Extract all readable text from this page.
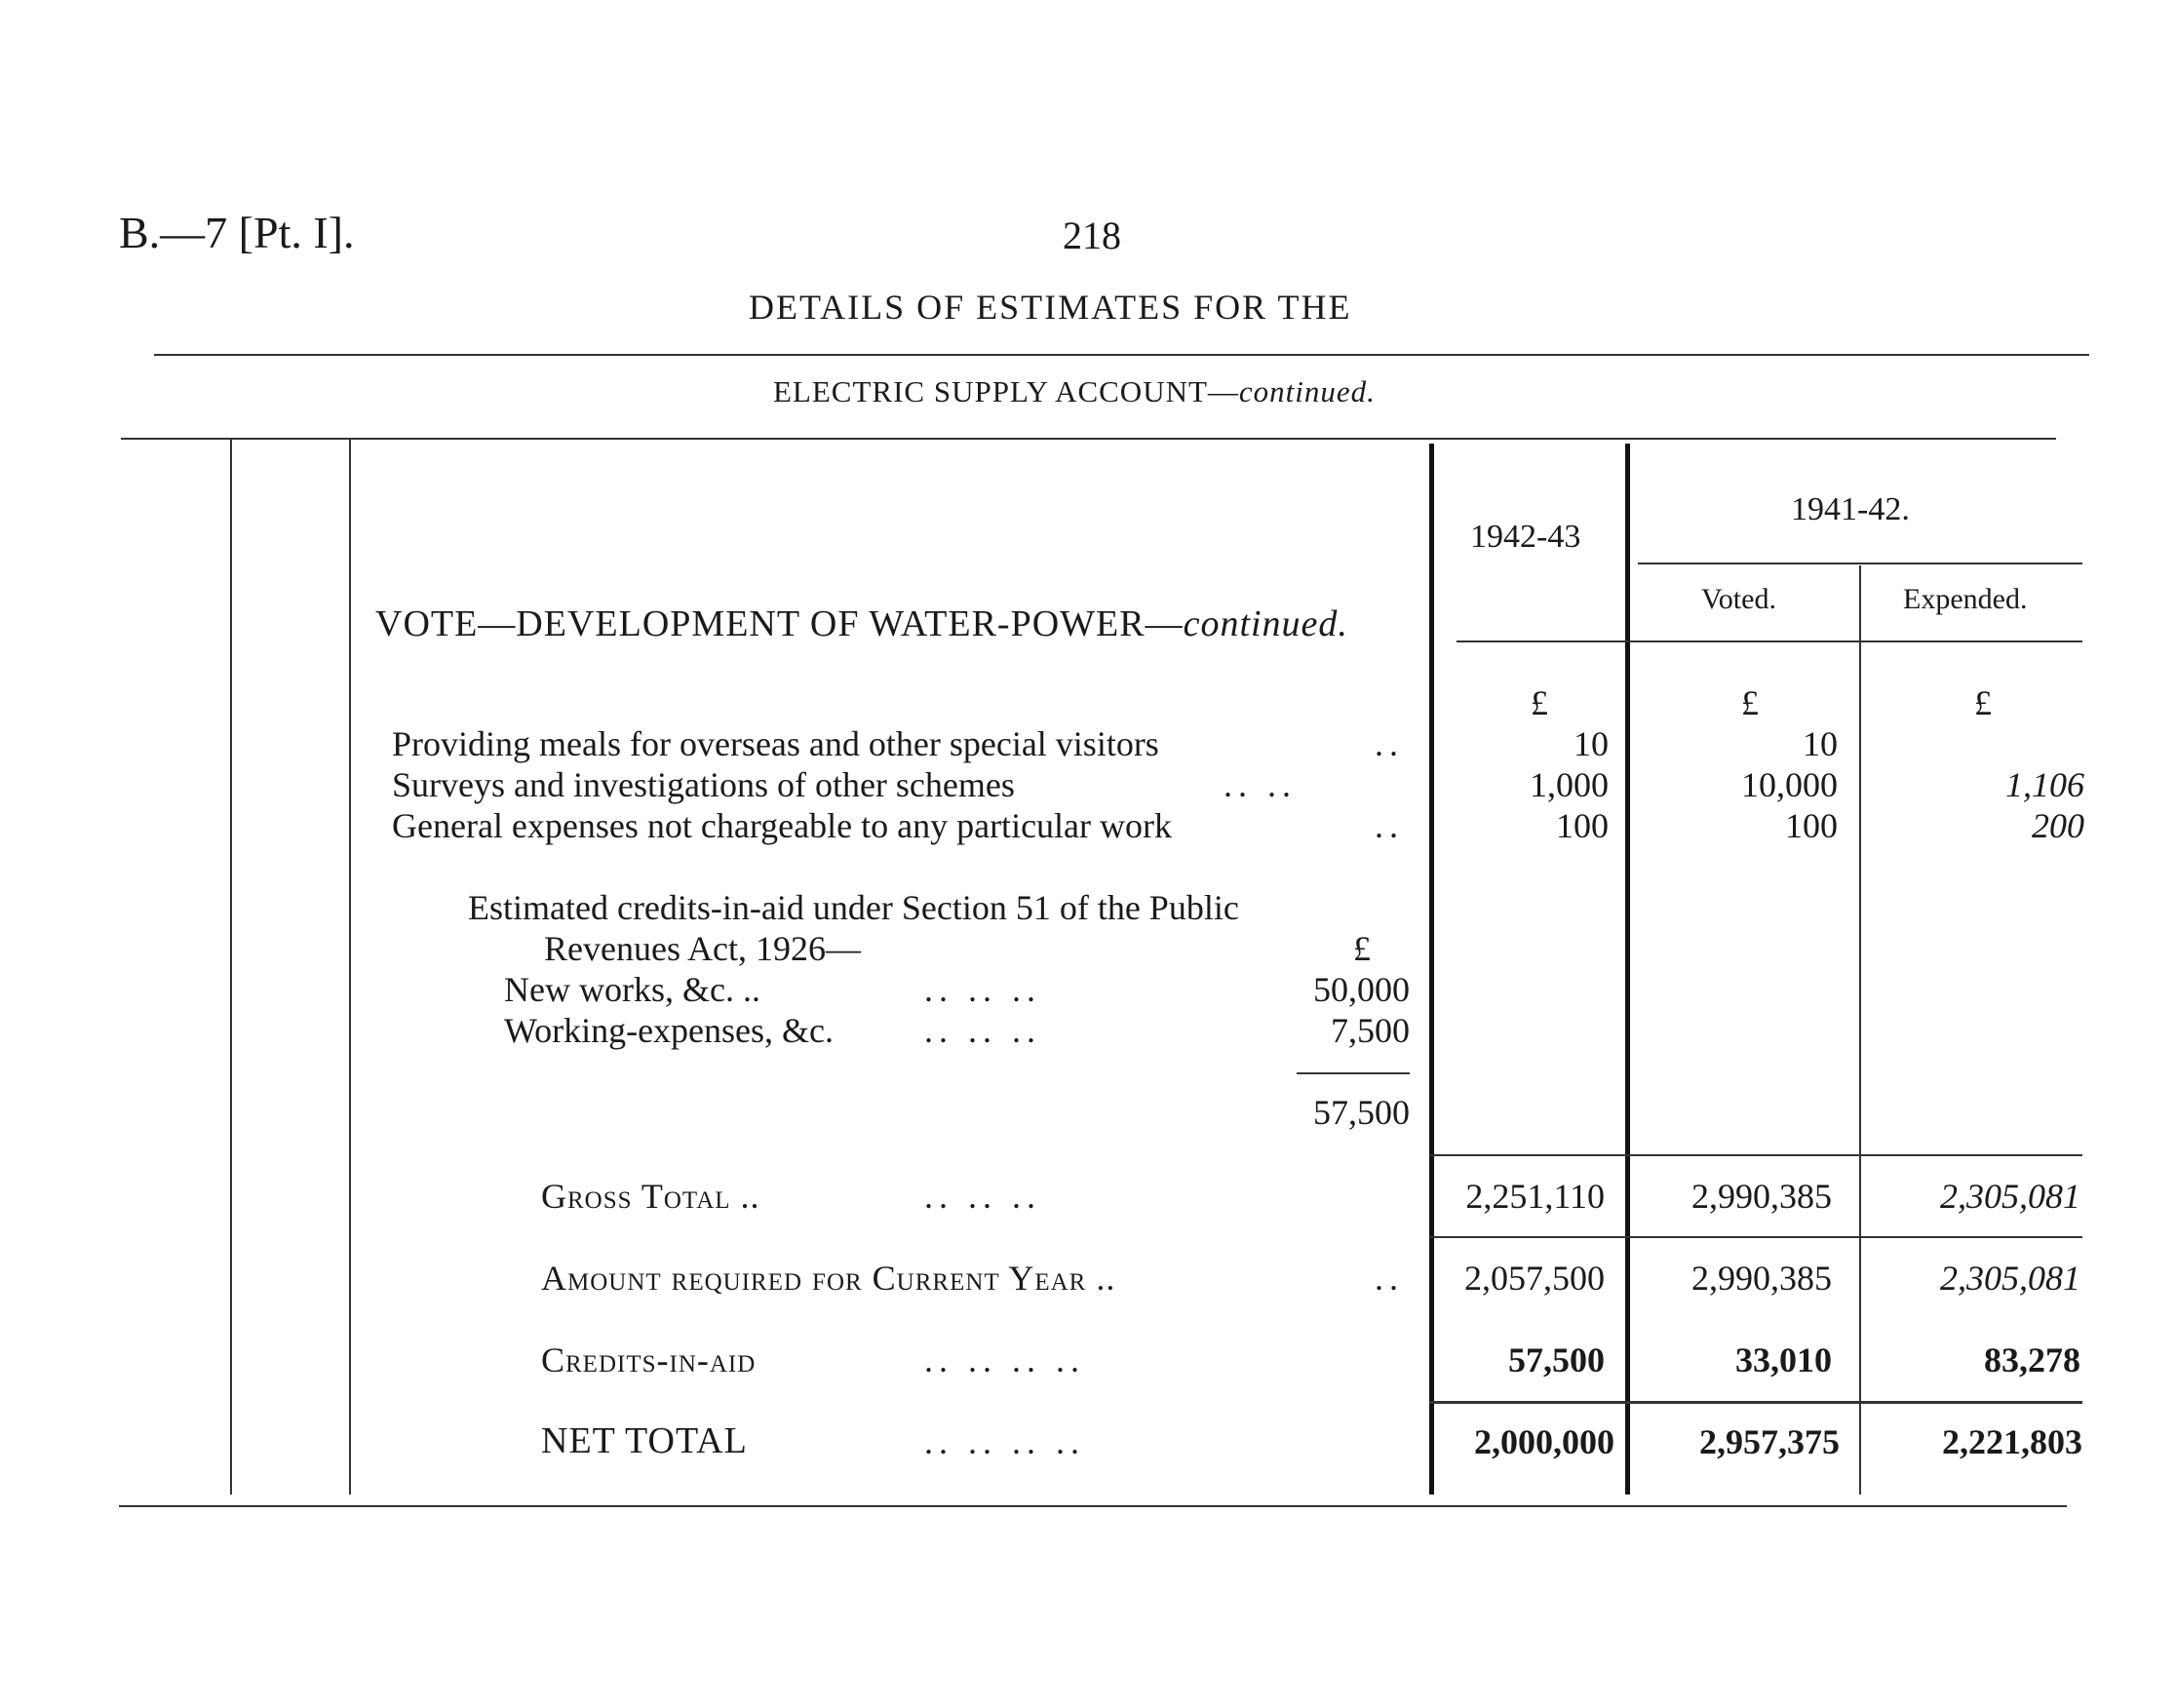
B.—7 [Pt. I].	218
DETAILS OF ESTIMATES FOR THE
ELECTRIC SUPPLY ACCOUNT—continued.
1942-43
1941-42.
Voted.	Expended.
VOTE—DEVELOPMENT OF WATER-POWER—continued.
£	£	£
Providing meals for overseas and other special visitors	..	10	10
Surveys and investigations of other schemes	.. ..	1,000	10,000	1,106
General expenses not chargeable to any particular work	..	100	100	200
Estimated credits-in-aid under Section 51 of the Public
Revenues Act, 1926—	£
New works, &c. ..	.. .. ..	50,000
Working-expenses, &c.	.. .. ..	7,500
57,500
Gross Total ..	.. .. ..	2,251,110 2,990,385	2,305,081
Amount required for Current Year ..	.. 2,057,500 2,990,385	2,305,081
Credits-in-aid	.. .. .. ..	57,500	33,010	83,278
NET TOTAL	.. .. .. ..	2,000,000 2,957,375	2,221,803
